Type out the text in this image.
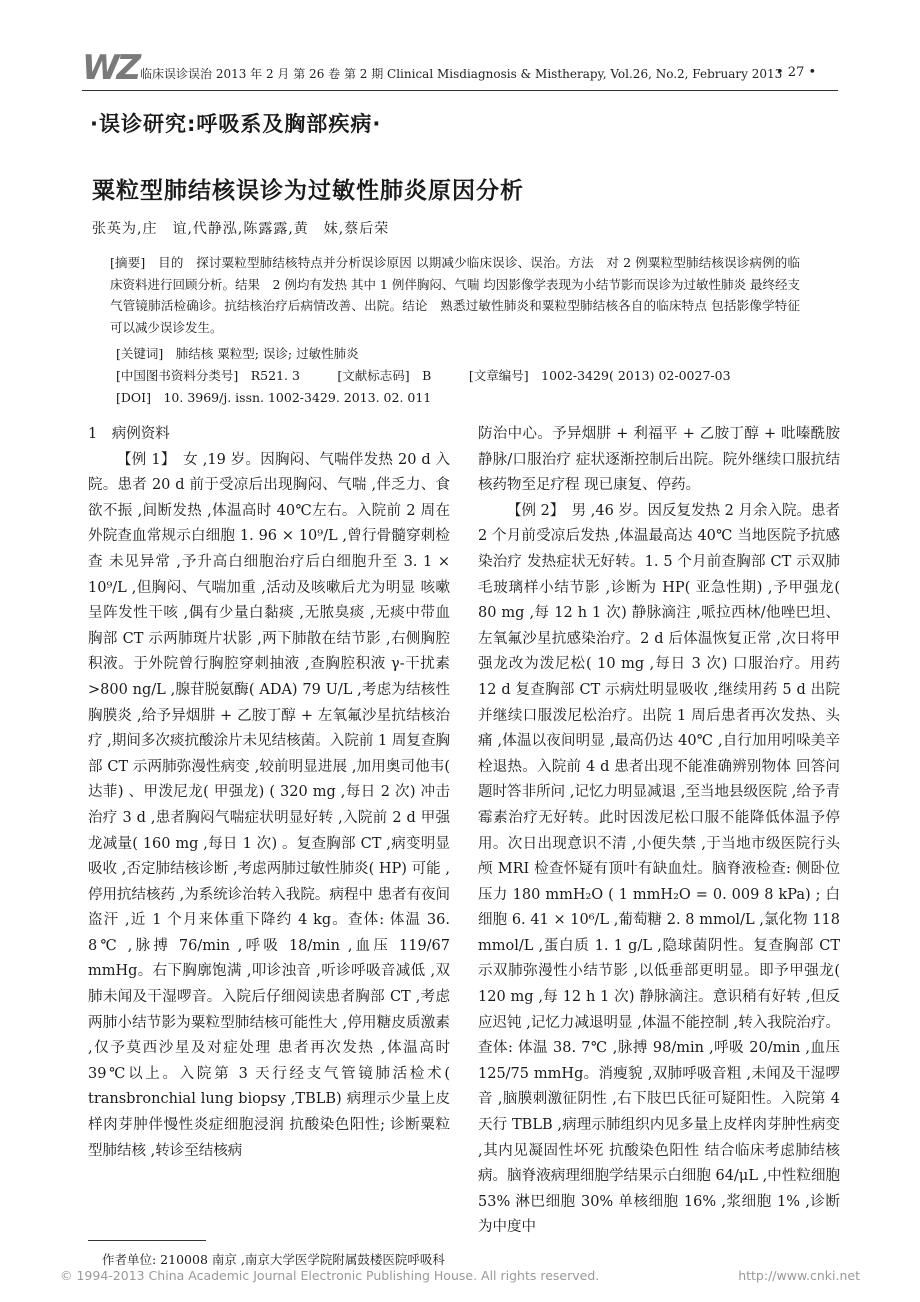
WZ 临床误诊误治 2013 年 2 月 第 26 卷 第 2 期 Clinical Misdiagnosis & Mistherapy, Vol.26, No.2, February 2013
• 27 •
·误诊研究:呼吸系及胸部疾病·
粟粒型肺结核误诊为过敏性肺炎原因分析
张英为,庄　谊,代静泓,陈露露,黄　妹,蔡后荣
[摘要]　目的　探讨粟粒型肺结核特点并分析误诊原因 以期减少临床误诊、误治。方法　对 2 例粟粒型肺结核误诊病例的临床资料进行回顾分析。结果　2 例均有发热 其中 1 例伴胸闷、气喘 均因影像学表现为小结节影而误诊为过敏性肺炎 最终经支气管镜肺活检确诊。抗结核治疗后病情改善、出院。结论　熟悉过敏性肺炎和粟粒型肺结核各自的临床特点 包括影像学特征 可以减少误诊发生。
[关键词]　肺结核 粟粒型; 误诊; 过敏性肺炎
[中国图书资料分类号]　R521. 3　　　[文献标志码]　B　　　[文章编号]　1002-3429( 2013) 02-0027-03
[DOI]　10. 3969/j. issn. 1002-3429. 2013. 02. 011
1　病例资料

【例 1】　女 ,19 岁。因胸闷、气喘伴发热 20 d 入院。患者 20 d 前于受凉后出现胸闷、气喘 ,伴乏力、食欲不振 ,间断发热 ,体温高时 40℃左右。入院前 2 周在外院查血常规示白细胞 1. 96 × 10⁹/L ,曾行骨髓穿刺检查 未见异常 ,予升高白细胞治疗后白细胞升至 3. 1 × 10⁹/L ,但胸闷、气喘加重 ,活动及咳嗽后尤为明显 咳嗽呈阵发性干咳 ,偶有少量白黏痰 ,无脓臭痰 ,无痰中带血 胸部 CT 示两肺斑片状影 ,两下肺散在结节影 ,右侧胸腔积液。于外院曾行胸腔穿刺抽液 ,查胸腔积液 γ-干扰素 >800 ng/L ,腺苷脱氨酶( ADA) 79 U/L ,考虑为结核性胸膜炎 ,给予异烟肼 + 乙胺丁醇 + 左氧氟沙星抗结核治疗 ,期间多次痰抗酸涂片未见结核菌。入院前 1 周复查胸部 CT 示两肺弥漫性病变 ,较前明显进展 ,加用奥司他韦( 达菲) 、甲泼尼龙( 甲强龙) ( 320 mg ,每日 2 次) 冲击治疗 3 d ,患者胸闷气喘症状明显好转 ,入院前 2 d 甲强龙减量( 160 mg ,每日 1 次) 。复查胸部 CT ,病变明显吸收 ,否定肺结核诊断 ,考虑两肺过敏性肺炎( HP) 可能 ,停用抗结核药 ,为系统诊治转入我院。病程中 患者有夜间盗汗 ,近 1 个月来体重下降约 4 kg。查体: 体温 36. 8℃ ,脉搏 76/min ,呼吸 18/min ,血压 119/67 mmHg。右下胸廓饱满 ,叩诊浊音 ,听诊呼吸音减低 ,双肺未闻及干湿啰音。入院后仔细阅读患者胸部 CT ,考虑两肺小结节影为粟粒型肺结核可能性大 ,停用糖皮质激素 ,仅予莫西沙星及对症处理 患者再次发热 ,体温高时 39℃以上。入院第 3 天行经支气管镜肺活检术( transbronchial lung biopsy ,TBLB) 病理示少量上皮样肉芽肿伴慢性炎症细胞浸润 抗酸染色阳性; 诊断粟粒型肺结核 ,转诊至结核病

防治中心。予异烟肼 + 利福平 + 乙胺丁醇 + 吡嗪酰胺静脉/口服治疗 症状逐渐控制后出院。院外继续口服抗结核药物至足疗程 现已康复、停药。

【例 2】　男 ,46 岁。因反复发热 2 月余入院。患者 2 个月前受凉后发热 ,体温最高达 40℃ 当地医院予抗感染治疗 发热症状无好转。1. 5 个月前查胸部 CT 示双肺毛玻璃样小结节影 ,诊断为 HP( 亚急性期) ,予甲强龙( 80 mg ,每 12 h 1 次) 静脉滴注 ,哌拉西林/他唑巴坦、左氧氟沙星抗感染治疗。2 d 后体温恢复正常 ,次日将甲强龙改为泼尼松( 10 mg ,每日 3 次) 口服治疗。用药 12 d 复查胸部 CT 示病灶明显吸收 ,继续用药 5 d 出院并继续口服泼尼松治疗。出院 1 周后患者再次发热、头痛 ,体温以夜间明显 ,最高仍达 40℃ ,自行加用吲哚美辛栓退热。入院前 4 d 患者出现不能准确辨别物体 回答问题时答非所问 ,记忆力明显减退 ,至当地县级医院 ,给予青霉素治疗无好转。此时因泼尼松口服不能降低体温予停用。次日出现意识不清 ,小便失禁 ,于当地市级医院行头颅 MRI 检查怀疑有顶叶有缺血灶。脑脊液检查: 侧卧位压力 180 mmH₂O ( 1 mmH₂O = 0. 009 8 kPa) ; 白细胞 6. 41 × 10⁶/L ,葡萄糖 2. 8 mmol/L ,氯化物 118 mmol/L ,蛋白质 1. 1 g/L ,隐球菌阴性。复查胸部 CT 示双肺弥漫性小结节影 ,以低垂部更明显。即予甲强龙( 120 mg ,每 12 h 1 次) 静脉滴注。意识稍有好转 ,但反应迟钝 ,记忆力减退明显 ,体温不能控制 ,转入我院治疗。查体: 体温 38. 7℃ ,脉搏 98/min ,呼吸 20/min ,血压 125/75 mmHg。消瘦貌 ,双肺呼吸音粗 ,未闻及干湿啰音 ,脑膜刺激征阴性 ,右下肢巴氏征可疑阳性。入院第 4 天行 TBLB ,病理示肺组织内见多量上皮样肉芽肿性病变 ,其内见凝固性坏死 抗酸染色阳性 结合临床考虑肺结核病。脑脊液病理细胞学结果示白细胞 64/μL ,中性粒细胞 53% 淋巴细胞 30% 单核细胞 16% ,浆细胞 1% ,诊断为中度中

作者单位: 210008 南京 ,南京大学医学院附属鼓楼医院呼吸科
© 1994-2013 China Academic Journal Electronic Publishing House. All rights reserved.	http://www.cnki.net
